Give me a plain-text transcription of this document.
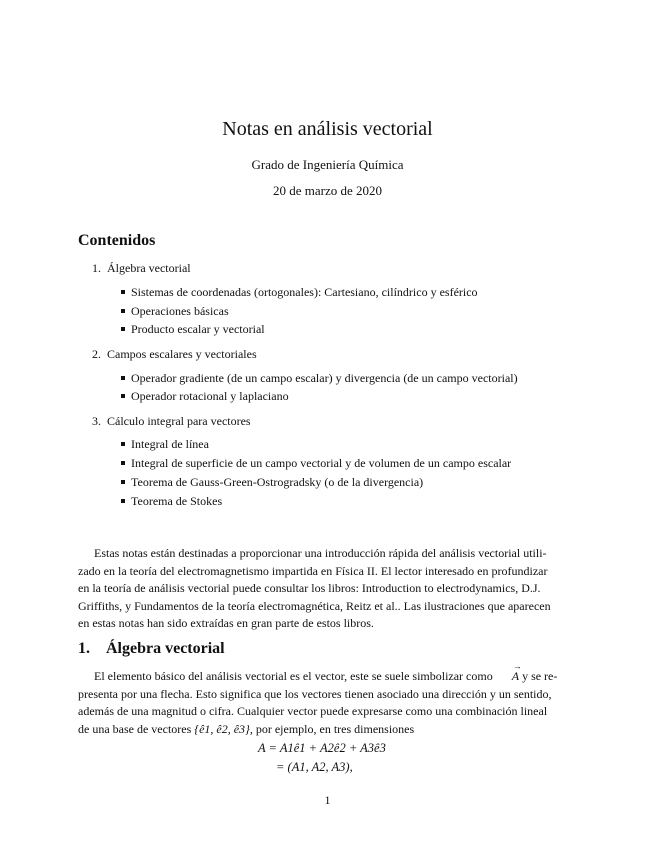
Notas en análisis vectorial
Grado de Ingeniería Química
20 de marzo de 2020
Contenidos
1. Álgebra vectorial
Sistemas de coordenadas (ortogonales): Cartesiano, cilíndrico y esférico
Operaciones básicas
Producto escalar y vectorial
2. Campos escalares y vectoriales
Operador gradiente (de un campo escalar) y divergencia (de un campo vectorial)
Operador rotacional y laplaciano
3. Cálculo integral para vectores
Integral de línea
Integral de superficie de un campo vectorial y de volumen de un campo escalar
Teorema de Gauss-Green-Ostrogradsky (o de la divergencia)
Teorema de Stokes
Estas notas están destinadas a proporcionar una introducción rápida del análisis vectorial utili-
zado en la teoría del electromagnetismo impartida en Física II. El lector interesado en profundizar
en la teoría de análisis vectorial puede consultar los libros: Introduction to electrodynamics, D.J.
Griffiths, y Fundamentos de la teoría electromagnética, Reitz et al.. Las ilustraciones que aparecen
en estas notas han sido extraídas en gran parte de estos libros.
1. Álgebra vectorial
El elemento básico del análisis vectorial es el vector, este se suele simbolizar como → A y se re-
presenta por una flecha. Esto significa que los vectores tienen asociado una dirección y un sentido,
además de una magnitud o cifra. Cualquier vector puede expresarse como una combinación lineal
de una base de vectores {ê1, ê2, ê3}, por ejemplo, en tres dimensiones
A = A1ê1 + A2ê2 + A3ê3
= (A1, A2, A3),
1
